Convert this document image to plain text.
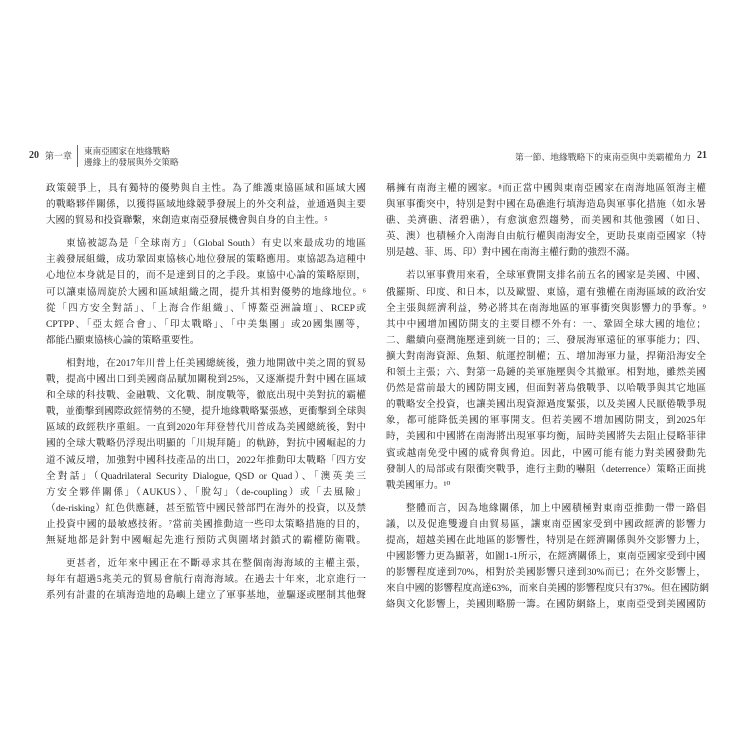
20 第一章 東南亞國家在地緣戰略
邊緣上的發展與外交策略	第一節、地緣戰略下的東南亞與中美霸權角力 21
政策競爭上，具有獨特的優勢與自主性。為了維護東協區域和區域大國
的戰略夥伴關係，以獲得區域地緣競爭發展上的外交利益，並通過與主要
大國的貿易和投資聯繫，來創造東南亞發展機會與自身的自主性。⁵
東協被認為是「全球南方」（Global South）有史以來最成功的地區
主義發展組織，成功鞏固東協核心地位發展的策略應用。東協認為這種中
心地位本身就是目的，而不是達到目的之手段。東協中心論的策略原則，
可以讓東協周旋於大國和區域組織之間，提升其相對優勢的地緣地位。⁶
從「四方安全對話」、「上海合作組織」、「博鰲亞洲論壇」、RCEP或
CPTPP、「亞太經合會」、「印太戰略」、「中美集團」或20國集團等，
都能凸顯東協核心論的策略重要性。
相對地，在2017年川普上任美國總統後，強力地開啟中美之間的貿易
戰，提高中國出口到美國商品賦加關稅到25%，又逐漸提升對中國在區域
和全球的科技戰、金融戰、文化戰、制度戰等，徹底出現中美對抗的霸權
戰，並衝擊到國際政經情勢的丕變，提升地緣戰略緊張感，更衝擊到全球與
區域的政經秩序重組。一直到2020年拜登替代川普成為美國總統後，對中
國的全球大戰略仍浮現出明顯的「川規拜隨」的軌跡，對抗中國崛起的力
道不減反增，加強對中國科技產品的出口，2022年推動印太戰略「四方安
全對話」（Quadrilateral Security Dialogue, QSD or Quad）、「澳英美三
方安全夥伴關係」（AUKUS）、「脫勾」（de-coupling）或「去風險」
（de-risking）紅色供應鏈，甚至監管中國民營部門在海外的投資，以及禁
止投資中國的最敏感技術。⁷當前美國推動這一些印太策略措施的目的，
無疑地都是針對中國崛起先進行預防式與圍堵封鎖式的霸權防衛戰。
更甚者，近年來中國正在不斷尋求其在整個南海海域的主權主張，
每年有超過5兆美元的貿易會航行南海海域。在過去十年來，北京進行一
系列有計畫的在填海造地的島嶼上建立了軍事基地，並驅逐或壓制其他聲
稱擁有南海主權的國家。⁸而正當中國與東南亞國家在南海地區領海主權
與軍事衝突中，特別是對中國在島礁進行填海造島與軍事化措施（如永暑
礁、美濟礁、渚碧礁），有愈演愈烈趨勢，而美國和其他強國（如日、
英、澳）也積極介入南海自由航行權與南海安全，更助長東南亞國家（特
別是越、菲、馬、印）對中國在南海主權行動的強烈不滿。
若以軍事費用來看，全球軍費開支排名前五名的國家是美國、中國、
俄羅斯、印度、和日本，以及歐盟、東協，還有強權在南海區域的政治安
全主張與經濟利益，勢必將其在南海地區的軍事衝突與影響力的爭奪。⁹
其中中國增加國防開支的主要目標不外有：一、鞏固全球大國的地位；
二、繼續向臺灣施壓達到統一目的；三、發展海軍遠征的軍事能力；四、
擴大對南海資源、魚類、航運控制權；五、增加海軍力量，捍衛沿海安全
和領土主張；六、對第一島鏈的美軍施壓與令其撤軍。相對地，雖然美國
仍然是當前最大的國防開支國，但面對著烏俄戰爭、以哈戰爭與其它地區
的戰略安全投資，也讓美國出現資源過度緊張，以及美國人民厭倦戰爭現
象，都可能降低美國的軍事開支。但若美國不增加國防開支，到2025年
時，美國和中國將在南海將出現軍事均衡，屆時美國將失去阻止侵略菲律
賓或越南免受中國的威脅與脅迫。因此，中國可能有能力對美國發動先
發制人的局部或有限衝突戰爭，進行主動的嚇阻（deterrence）策略正面挑
戰美國軍力。¹⁰
整體而言，因為地緣關係，加上中國積極對東南亞推動一帶一路倡
議，以及促進雙邊自由貿易區，讓東南亞國家受到中國政經濟的影響力
提高，超越美國在此地區的影響性，特別是在經濟關係與外交影響力上，
中國影響力更為顯著，如圖1-1所示，在經濟關係上，東南亞國家受到中國
的影響程度達到70%，相對於美國影響只達到30%而已；在外交影響上，
來自中國的影響程度高達63%，而來自美國的影響程度只有37%。但在國防網
絡與文化影響上，美國則略勝一籌。在國防網絡上，東南亞受到美國國防
